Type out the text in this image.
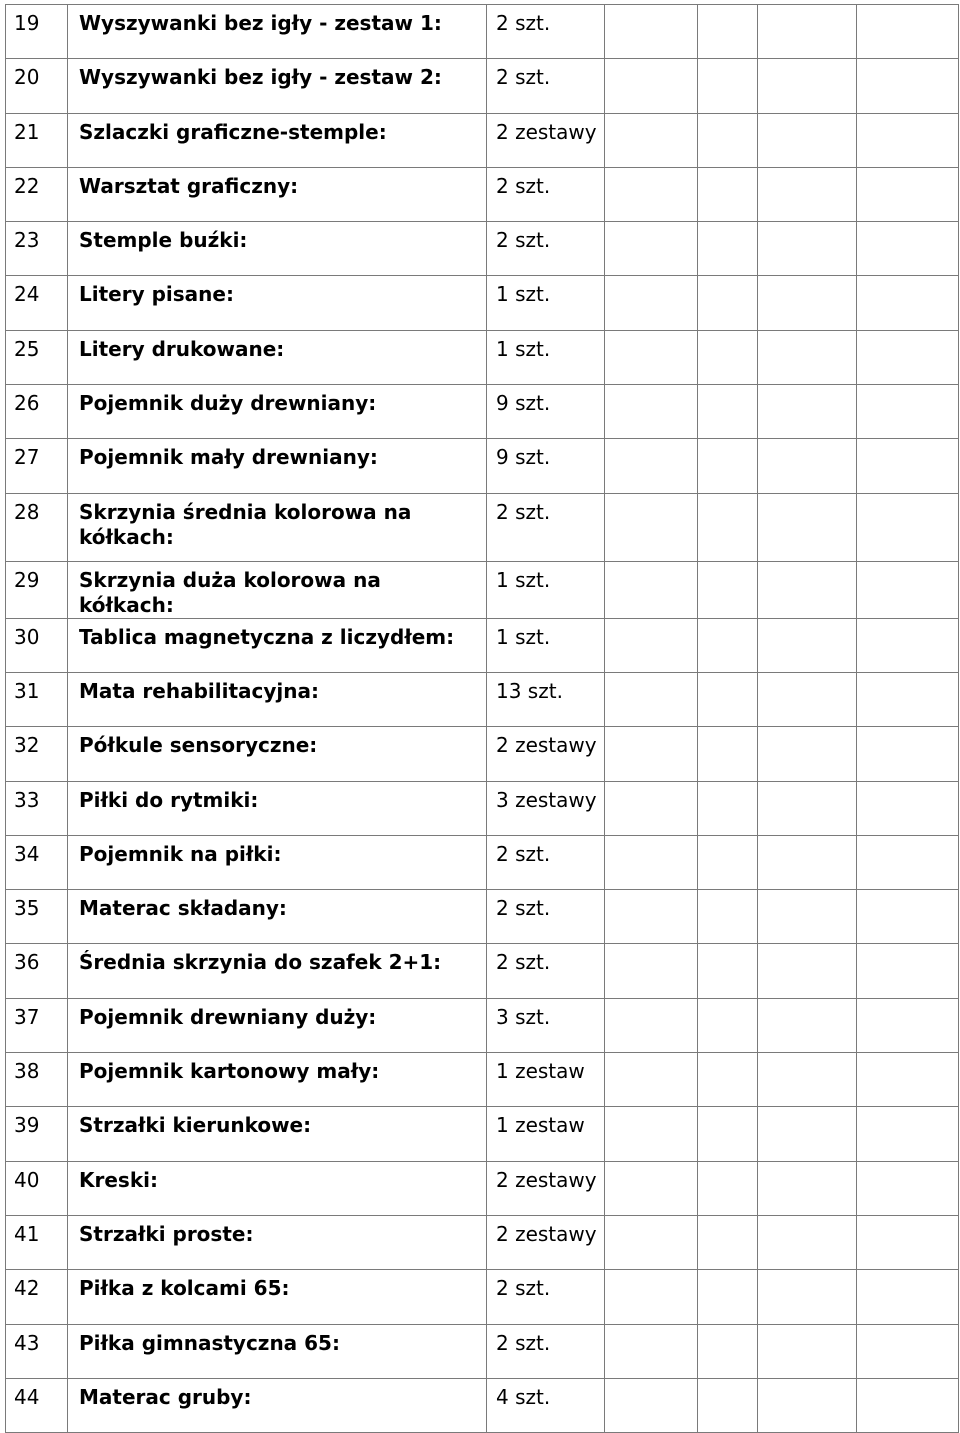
19	Wyszywanki bez igły - zestaw 1:	2 szt.				
20	Wyszywanki bez igły - zestaw 2:	2 szt.				
21	Szlaczki graficzne-stemple:	2 zestawy				
22	Warsztat graficzny:	2 szt.				
23	Stemple buźki:	2 szt.				
24	Litery pisane:	1 szt.				
25	Litery drukowane:	1 szt.				
26	Pojemnik duży drewniany:	9 szt.				
27	Pojemnik mały drewniany:	9 szt.				
28	Skrzynia średnia kolorowa na kółkach:	2 szt.				
29	Skrzynia duża kolorowa na kółkach:	1 szt.				
30	Tablica magnetyczna z liczydłem:	1 szt.				
31	Mata rehabilitacyjna:	13 szt.				
32	Półkule sensoryczne:	2 zestawy				
33	Piłki do rytmiki:	3 zestawy				
34	Pojemnik na piłki:	2 szt.				
35	Materac składany:	2 szt.				
36	Średnia skrzynia do szafek 2+1:	2 szt.				
37	Pojemnik drewniany duży:	3 szt.				
38	Pojemnik kartonowy mały:	1 zestaw				
39	Strzałki kierunkowe:	1 zestaw				
40	Kreski:	2 zestawy				
41	Strzałki proste:	2 zestawy				
42	Piłka z kolcami 65:	2 szt.				
43	Piłka gimnastyczna 65:	2 szt.				
44	Materac gruby:	4 szt.				
